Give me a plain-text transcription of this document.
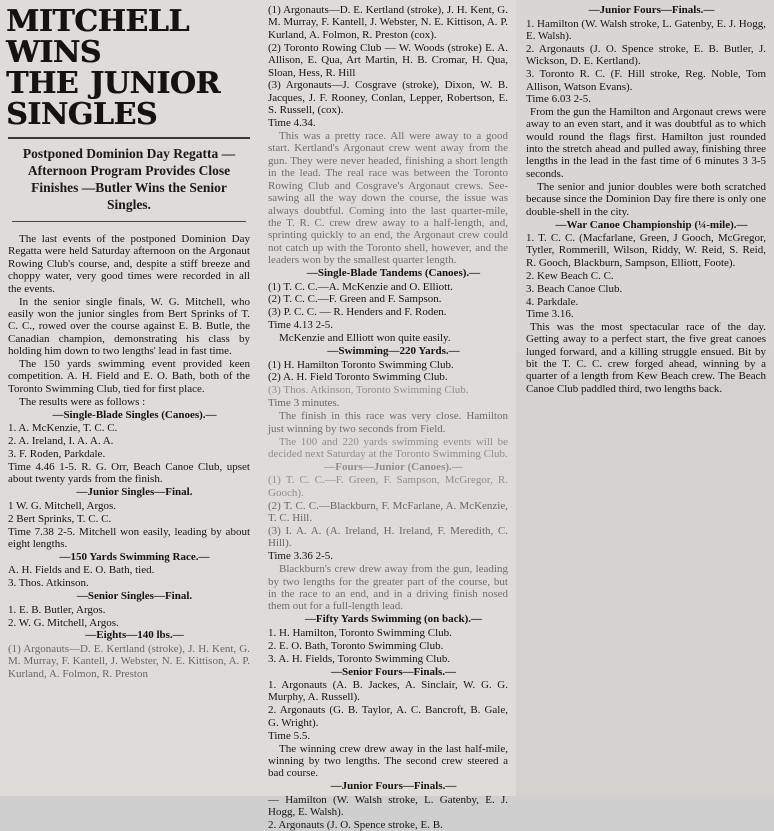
MITCHELL WINS
THE JUNIOR
SINGLES
Postponed Dominion Day Regatta — Afternoon Program Provides Close Finishes —Butler Wins the Senior Singles.

The last events of the postponed Dominion Day Regatta were held Saturday afternoon on the Argonaut Rowing Club's course, and, despite a stiff breeze and choppy water, very good times were recorded in all the events.

In the senior single finals, W. G. Mitchell, who easily won the junior singles from Bert Sprinks of T. C. C., rowed over the course against E. B. Butle, the Canadian champion, demonstrating his class by holding him down to two lengths' lead in fast time.

The 150 yards swimming event provided keen competition. A. H. Field and E. O. Bath, both of the Toronto Swimming Club, tied for first place.

The results were as follows :

—Single-Blade Singles (Canoes).—

1. A. McKenzie, T. C. C.

2. A. Ireland, I. A. A. A.

3. F. Roden, Parkdale.

Time 4.46 1-5. R. G. Orr, Beach Canoe Club, upset about twenty yards from the finish.

—Junior Singles—Final.

1 W. G. Mitchell, Argos.

2 Bert Sprinks, T. C. C.

Time 7.38 2-5. Mitchell won easily, leading by about eight lengths.

—150 Yards Swimming Race.—

A. H. Fields and E. O. Bath, tied.

3. Thos. Atkinson.

—Senior Singles—Final.

1. E. B. Butler, Argos.

2. W. G. Mitchell, Argos.

—Eights—140 lbs.—

(1) Argonauts—D. E. Kertland (stroke), J. H. Kent, G. M. Murray, F. Kantell, J. Webster, N. E. Kittison, A. P. Kurland, A. Folmon, R. Preston

(1) Argonauts—D. E. Kertland (stroke), J. H. Kent, G. M. Murray, F. Kantell, J. Webster, N. E. Kittison, A. P. Kurland, A. Folmon, R. Preston (cox).

(2) Toronto Rowing Club — W. Woods (stroke) E. A. Allison, E. Qua, Art Martin, H. B. Cromar, H. Qua, Sloan, Hess, R. Hill

(3) Argonauts—J. Cosgrave (stroke), Dixon, W. B. Jacques, J. F. Rooney, Conlan, Lepper, Robertson, E. S. Russell, (cox).

Time 4.34.

This was a pretty race. All were away to a good start. Kertland's Argonaut crew went away from the gun. They were never headed, finishing a short length in the lead. The real race was between the Toronto Rowing Club and Cosgrave's Argonaut crews. See-sawing all the way down the course, the issue was always doubtful. Coming into the last quarter-mile, the T. R. C. crew drew away to a half-length, and, sprinting quickly to an end, the Argonaut crew could not catch up with the Toronto shell, however, and the leaders won by the smallest quarter length.

—Single-Blade Tandems (Canoes).—

(1) T. C. C.—A. McKenzie and O. Elliott.

(2) T. C. C.—F. Green and F. Sampson.

(3) P. C. C. — R. Henders and F. Roden.

Time 4.13 2-5.

McKenzie and Elliott won quite easily.

—Swimming—220 Yards.—

(1) H. Hamilton Toronto Swimming Club.

(2) A. H. Field Toronto Swimming Club.

(3) Thos. Atkinson, Toronto Swimming Club.

Time 3 minutes.

The finish in this race was very close. Hamilton just winning by two seconds from Field.

The 100 and 220 yards swimming events will be decided next Saturday at the Toronto Swimming Club.

—Fours—Junior (Canoes).—

(1) T. C. C.—F. Green, F. Sampson, McGregor, R. Gooch).

(2) T. C. C.—Blackburn, F. McFarlane, A. McKenzie, T. C. Hill.

(3) I. A. A. (A. Ireland, H. Ireland, F. Meredith, C. Hill).

Time 3.36 2-5.

Blackburn's crew drew away from the gun, leading by two lengths for the greater part of the course, but in the race to an end, and in a driving finish nosed them out for a full-length lead.

—Fifty Yards Swimming (on back).—

1. H. Hamilton, Toronto Swimming Club.

2. E. O. Bath, Toronto Swimming Club.

3. A. H. Fields, Toronto Swimming Club.

—Senior Fours—Finals.—

1. Argonauts (A. B. Jackes, A. Sinclair, W. G. G. Murphy, A. Russell).

2. Argonauts (G. B. Taylor, A. C. Bancroft, B. Gale, G. Wright).

Time 5.5.

The winning crew drew away in the last half-mile, winning by two lengths. The second crew steered a bad course.

—Junior Fours—Finals.—

— Hamilton (W. Walsh stroke, L. Gatenby, E. J. Hogg, E. Walsh).

2. Argonauts (J. O. Spence stroke, E. B.

—Junior Fours—Finals.—

1. Hamilton (W. Walsh stroke, L. Gatenby, E. J. Hogg, E. Walsh).

2. Argonauts (J. O. Spence stroke, E. B. Butler, J. Wickson, D. E. Kertland).

3. Toronto R. C. (F. Hill stroke, Reg. Noble, Tom Allison, Watson Evans).

Time 6.03 2-5.

From the gun the Hamilton and Argonaut crews were away to an even start, and it was doubtful as to which would round the flags first. Hamilton just rounded into the stretch ahead and pulled away, finishing three lengths in the lead in the fast time of 6 minutes 3 3-5 seconds.

The senior and junior doubles were both scratched because since the Dominion Day fire there is only one double-shell in the city.

—War Canoe Championship (¼-mile).—

1. T. C. C. (Macfarlane, Green, J Gooch, McGregor, Tytler, Rommerill, Wilson, Riddy, W. Reid, S. Reid, R. Gooch, Blackburn, Sampson, Elliott, Foote).

2. Kew Beach C. C.

3. Beach Canoe Club.

4. Parkdale.

Time 3.16.

This was the most spectacular race of the day. Getting away to a perfect start, the five great canoes lunged forward, and a killing struggle ensued. Bit by bit the T. C. C. crew forged ahead, winning by a quarter of a length from Kew Beach crew. The Beach Canoe Club paddled third, two lengths back.
